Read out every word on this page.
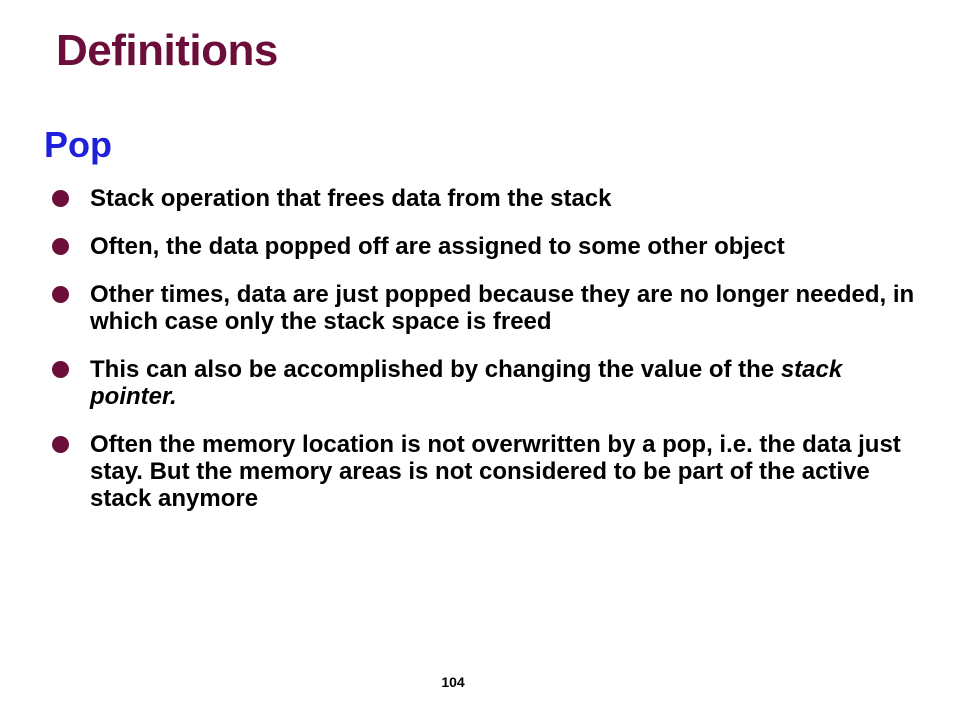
Definitions
Pop
Stack operation that frees data from the stack
Often, the data popped off are assigned to some other object
Other times, data are just popped because they are no longer needed, in which case only the stack space is freed
This can also be accomplished by changing the value of the stack pointer.
Often the memory location is not overwritten by a pop, i.e. the data just stay. But the memory areas is not considered to be part of the active stack anymore
104
